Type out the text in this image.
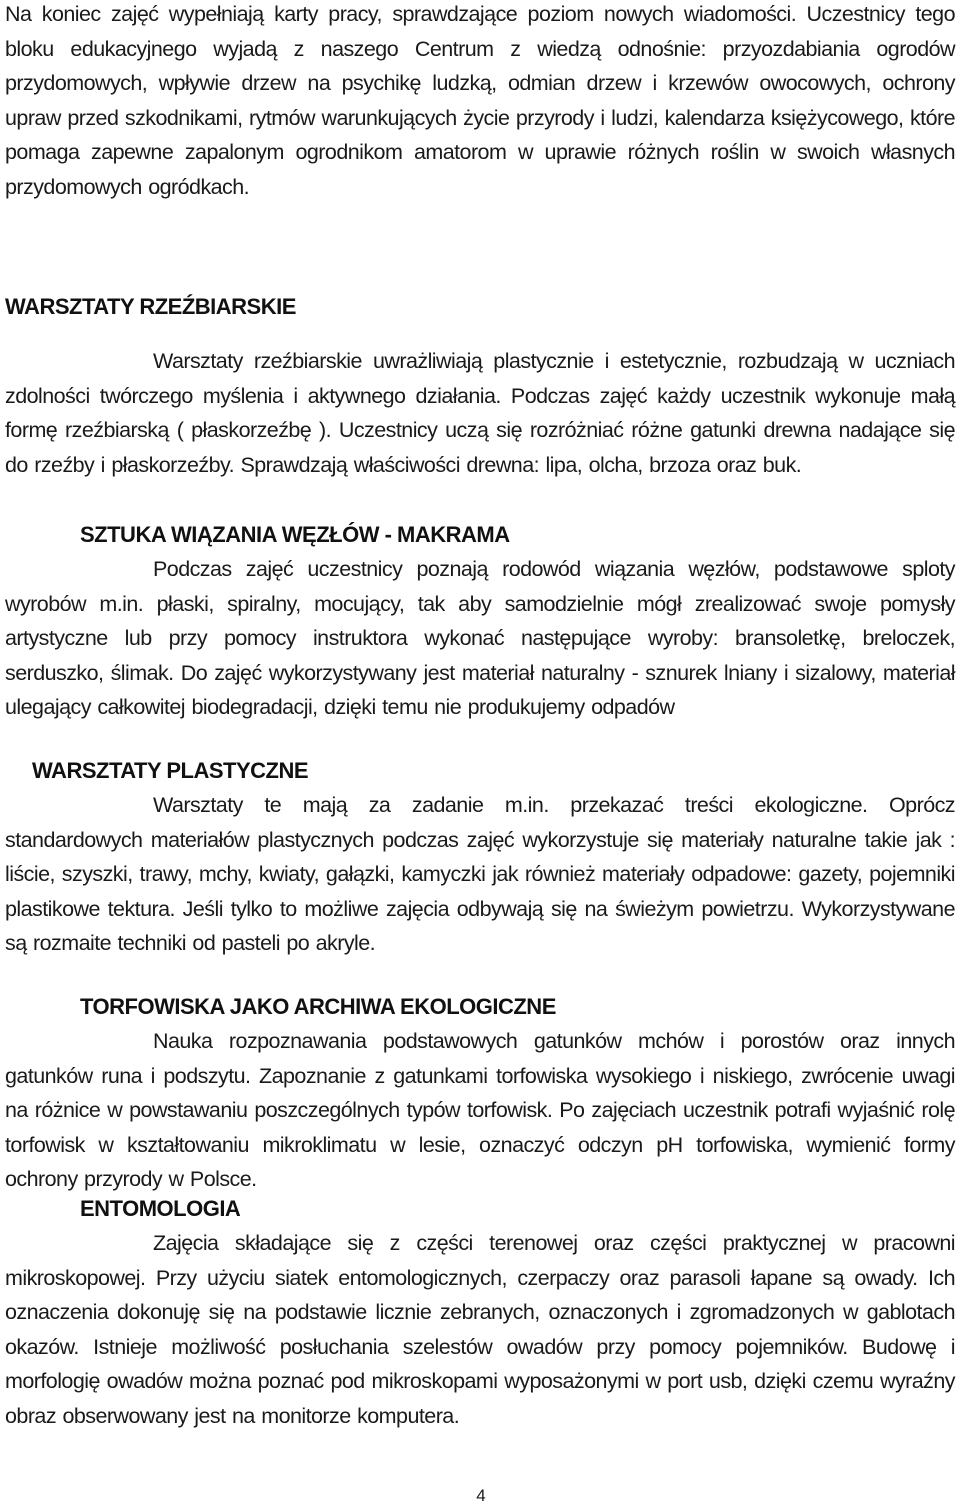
Na koniec zajęć wypełniają karty pracy, sprawdzające poziom nowych wiadomości. Uczestnicy tego bloku edukacyjnego wyjadą z naszego Centrum z wiedzą odnośnie: przyozdabiania ogrodów przydomowych, wpływie drzew na psychikę ludzką, odmian drzew i krzewów owocowych, ochrony upraw przed szkodnikami, rytmów warunkujących życie przyrody i ludzi, kalendarza księżycowego, które pomaga zapewne zapalonym ogrodnikom amatorom w uprawie różnych roślin w swoich własnych przydomowych ogródkach.

WARSZTATY RZEŹBIARSKIE

Warsztaty rzeźbiarskie uwrażliwiają plastycznie i estetycznie, rozbudzają w uczniach zdolności twórczego myślenia i aktywnego działania. Podczas zajęć każdy uczestnik wykonuje małą formę rzeźbiarską ( płaskorzeźbę ). Uczestnicy uczą się rozróżniać różne gatunki drewna nadające się do rzeźby i płaskorzeźby. Sprawdzają właściwości drewna: lipa, olcha, brzoza oraz buk.

SZTUKA WIĄZANIA WĘZŁÓW - MAKRAMA

Podczas zajęć uczestnicy poznają rodowód wiązania węzłów, podstawowe sploty wyrobów m.in. płaski, spiralny, mocujący, tak aby samodzielnie mógł zrealizować swoje pomysły artystyczne lub przy pomocy instruktora wykonać następujące wyroby: bransoletkę, breloczek, serduszko, ślimak. Do zajęć wykorzystywany jest materiał naturalny - sznurek lniany i sizalowy, materiał ulegający całkowitej biodegradacji, dzięki temu nie produkujemy odpadów

WARSZTATY PLASTYCZNE

Warsztaty te mają za zadanie m.in. przekazać treści ekologiczne. Oprócz standardowych materiałów plastycznych podczas zajęć wykorzystuje się materiały naturalne takie jak : liście, szyszki, trawy, mchy, kwiaty, gałązki, kamyczki jak również materiały odpadowe: gazety, pojemniki plastikowe tektura. Jeśli tylko to możliwe zajęcia odbywają się na świeżym powietrzu. Wykorzystywane są rozmaite techniki od pasteli po akryle.

TORFOWISKA JAKO ARCHIWA EKOLOGICZNE

Nauka rozpoznawania podstawowych gatunków mchów i porostów oraz innych gatunków runa i podszytu. Zapoznanie z gatunkami torfowiska wysokiego i niskiego, zwrócenie uwagi na różnice w powstawaniu poszczególnych typów torfowisk. Po zajęciach uczestnik potrafi wyjaśnić rolę torfowisk w kształtowaniu mikroklimatu w lesie, oznaczyć odczyn pH torfowiska, wymienić formy ochrony przyrody w Polsce.

ENTOMOLOGIA

Zajęcia składające się z części terenowej oraz części praktycznej w pracowni mikroskopowej. Przy użyciu siatek entomologicznych, czerpaczy oraz parasoli łapane są owady. Ich oznaczenia dokonuję się na podstawie licznie zebranych, oznaczonych i zgromadzonych w gablotach okazów. Istnieje możliwość posłuchania szelestów owadów przy pomocy pojemników. Budowę i morfologię owadów można poznać pod mikroskopami wyposażonymi w port usb, dzięki czemu wyraźny obraz obserwowany jest na monitorze komputera.

4
